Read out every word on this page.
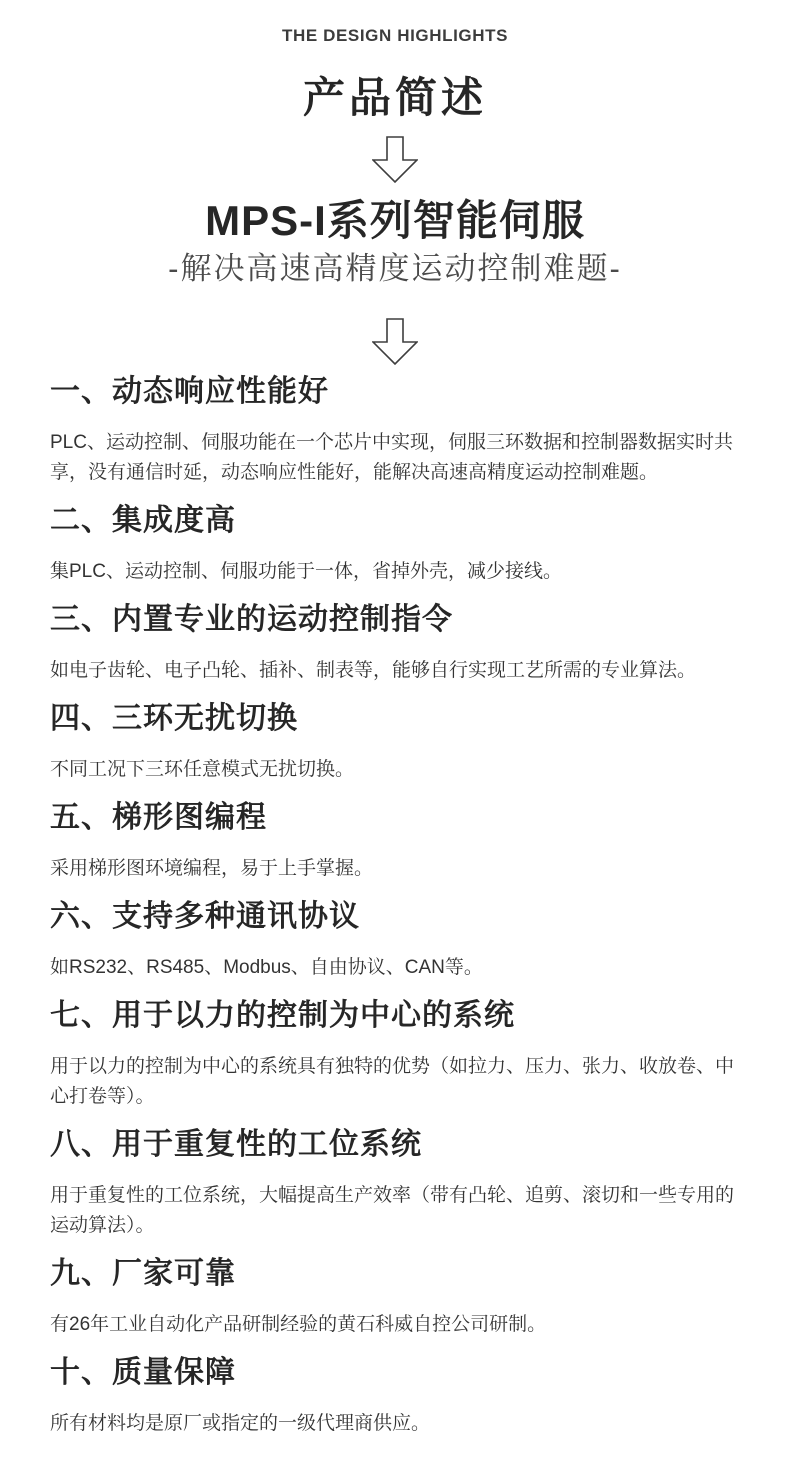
THE DESIGN HIGHLIGHTS

产品简述
MPS-I系列智能伺服

-解决高速高精度运动控制难题-

一、动态响应性能好

PLC、运动控制、伺服功能在一个芯片中实现，伺服三环数据和控制器数据实时共享，没有通信时延，动态响应性能好，能解决高速高精度运动控制难题。

二、集成度高

集PLC、运动控制、伺服功能于一体，省掉外壳，减少接线。

三、内置专业的运动控制指令

如电子齿轮、电子凸轮、插补、制表等，能够自行实现工艺所需的专业算法。

四、三环无扰切换

不同工况下三环任意模式无扰切换。

五、梯形图编程

采用梯形图环境编程，易于上手掌握。

六、支持多种通讯协议

如RS232、RS485、Modbus、自由协议、CAN等。

七、用于以力的控制为中心的系统

用于以力的控制为中心的系统具有独特的优势（如拉力、压力、张力、收放卷、中心打卷等）。

八、用于重复性的工位系统

用于重复性的工位系统，大幅提高生产效率（带有凸轮、追剪、滚切和一些专用的运动算法）。

九、厂家可靠

有26年工业自动化产品研制经验的黄石科威自控公司研制。

十、质量保障

所有材料均是原厂或指定的一级代理商供应。
